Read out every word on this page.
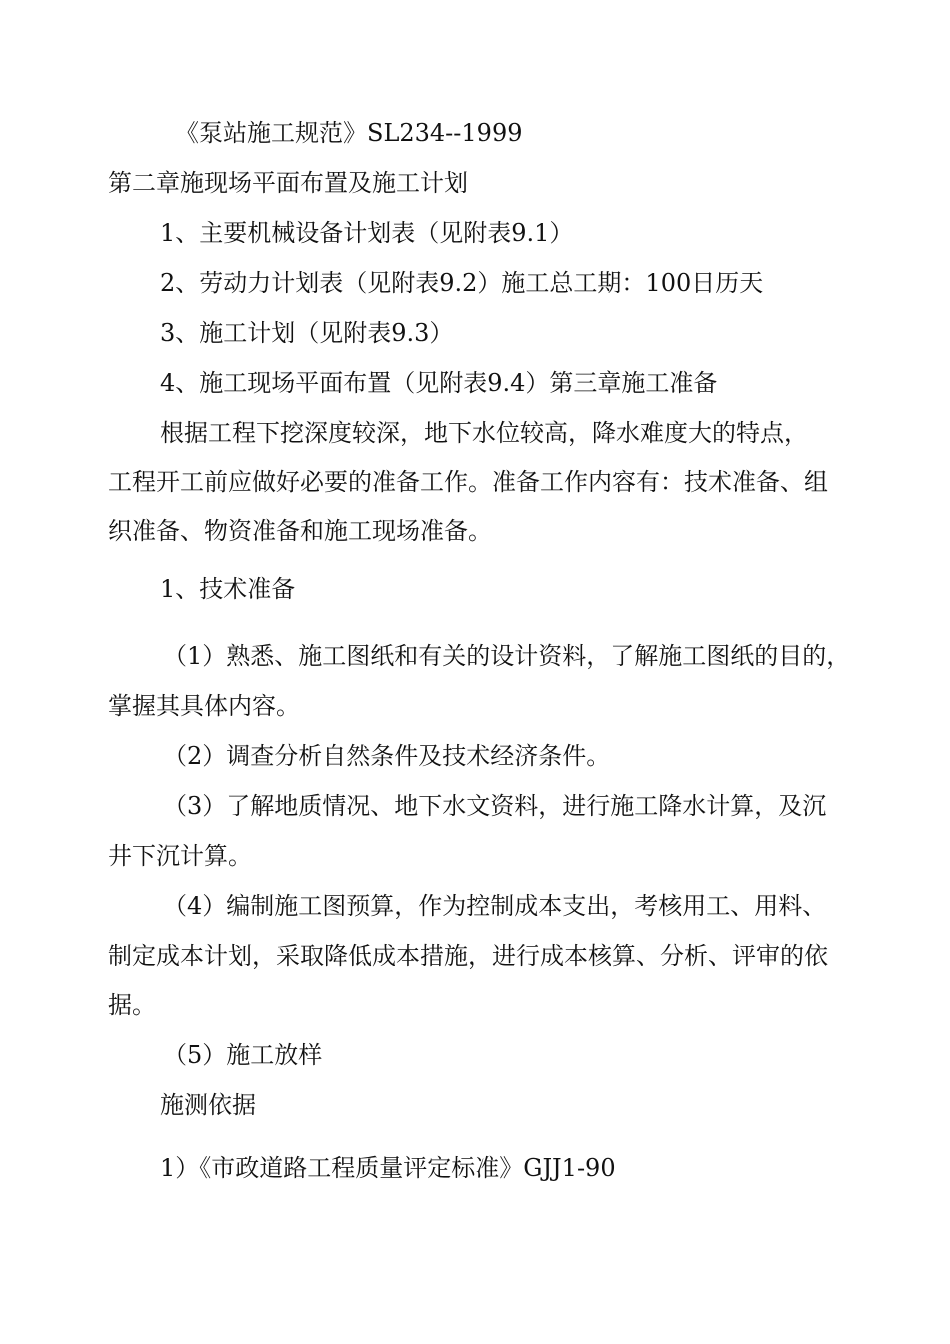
《泵站施工规范》SL234--1999
第二章施现场平面布置及施工计划
1、主要机械设备计划表（见附表9.1）
2、劳动力计划表（见附表9.2）施工总工期：100日历天
3、施工计划（见附表9.3）
4、施工现场平面布置（见附表9.4）第三章施工准备
根据工程下挖深度较深，地下水位较高，降水难度大的特点，
工程开工前应做好必要的准备工作。准备工作内容有：技术准备、组
织准备、物资准备和施工现场准备。
1、技术准备
（1）熟悉、施工图纸和有关的设计资料，了解施工图纸的目的，
掌握其具体内容。
（2）调查分析自然条件及技术经济条件。
（3）了解地质情况、地下水文资料，进行施工降水计算，及沉
井下沉计算。
（4）编制施工图预算，作为控制成本支出，考核用工、用料、
制定成本计划，采取降低成本措施，进行成本核算、分析、评审的依
据。
（5）施工放样
施测依据
1）《市政道路工程质量评定标准》GJJ1-90
